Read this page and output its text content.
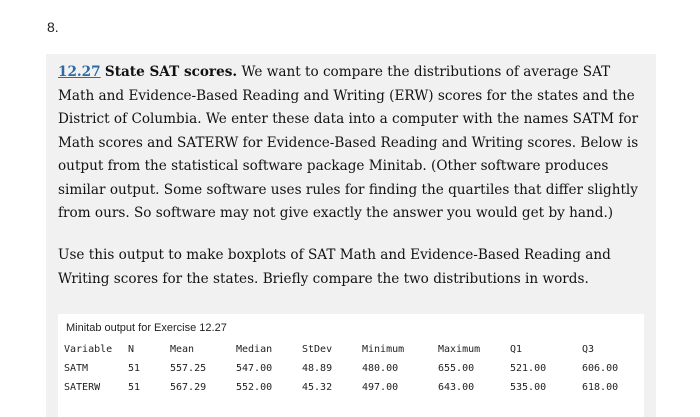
8.
12.27 State SAT scores. We want to compare the distributions of average SAT Math and Evidence-Based Reading and Writing (ERW) scores for the states and the District of Columbia. We enter these data into a computer with the names SATM for Math scores and SATERW for Evidence-Based Reading and Writing scores. Below is output from the statistical software package Minitab. (Other software produces similar output. Some software uses rules for finding the quartiles that differ slightly from ours. So software may not give exactly the answer you would get by hand.)
Use this output to make boxplots of SAT Math and Evidence-Based Reading and Writing scores for the states. Briefly compare the two distributions in words.
Minitab output for Exercise 12.27
Variable	N	Mean	Median	StDev	Minimum	Maximum	Q1	Q3
SATM	51	557.25	547.00	48.89	480.00	655.00	521.00	606.00
SATERW	51	567.29	552.00	45.32	497.00	643.00	535.00	618.00
